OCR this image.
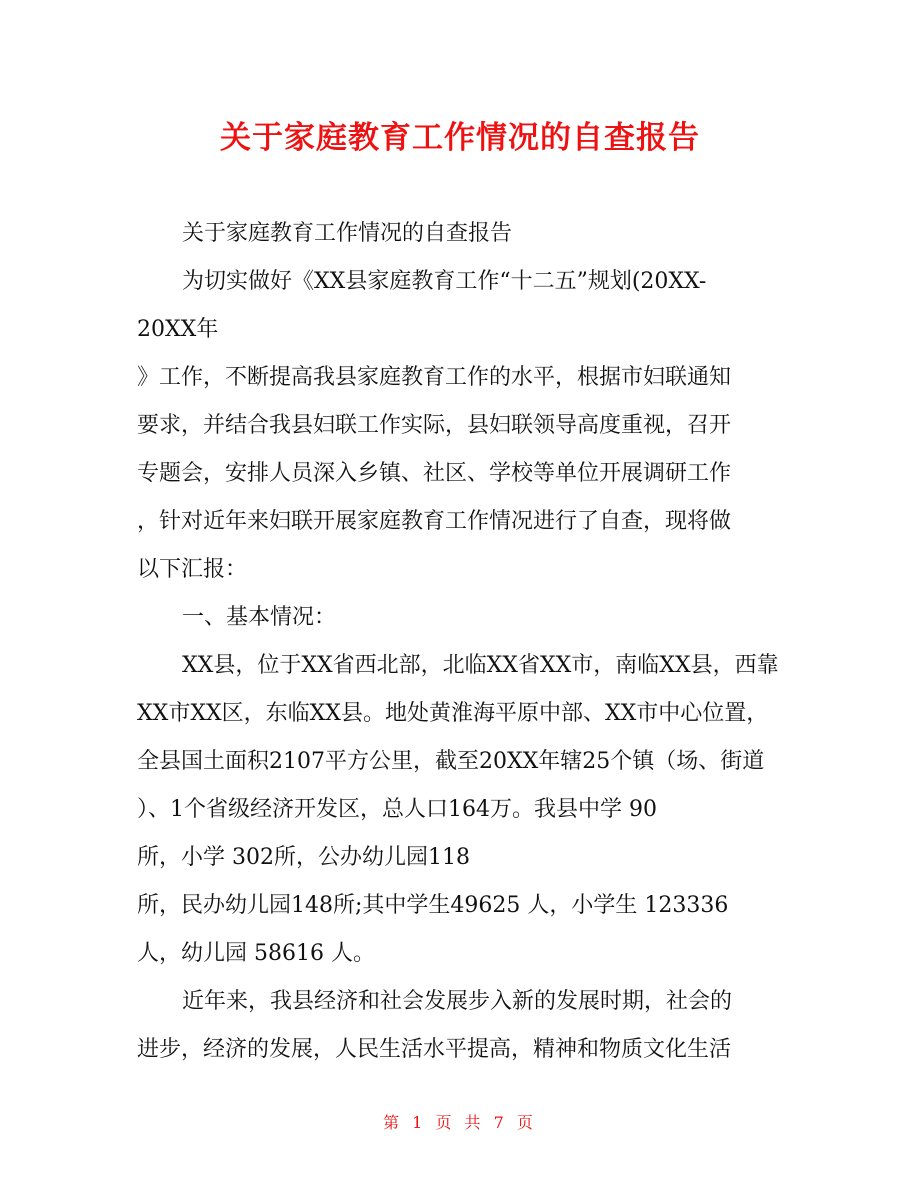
关于家庭教育工作情况的自查报告
关于家庭教育工作情况的自查报告
为切实做好《XX县家庭教育工作“十二五”规划(20XX-
20XX年
》工作，不断提高我县家庭教育工作的水平，根据市妇联通知
要求，并结合我县妇联工作实际，县妇联领导高度重视，召开
专题会，安排人员深入乡镇、社区、学校等单位开展调研工作
，针对近年来妇联开展家庭教育工作情况进行了自查，现将做
以下汇报：
一、基本情况：
XX县，位于XX省西北部，北临XX省XX市，南临XX县，西靠
XX市XX区，东临XX县。地处黄淮海平原中部、XX市中心位置，
全县国土面积2107平方公里，截至20XX年辖25个镇（场、街道
）、1个省级经济开发区，总人口164万。我县中学 90
所，小学 302所，公办幼儿园118
所，民办幼儿园148所;其中学生49625 人，小学生 123336
人，幼儿园 58616 人。
近年来，我县经济和社会发展步入新的发展时期，社会的
进步，经济的发展，人民生活水平提高，精神和物质文化生活
第 1 页 共 7 页
